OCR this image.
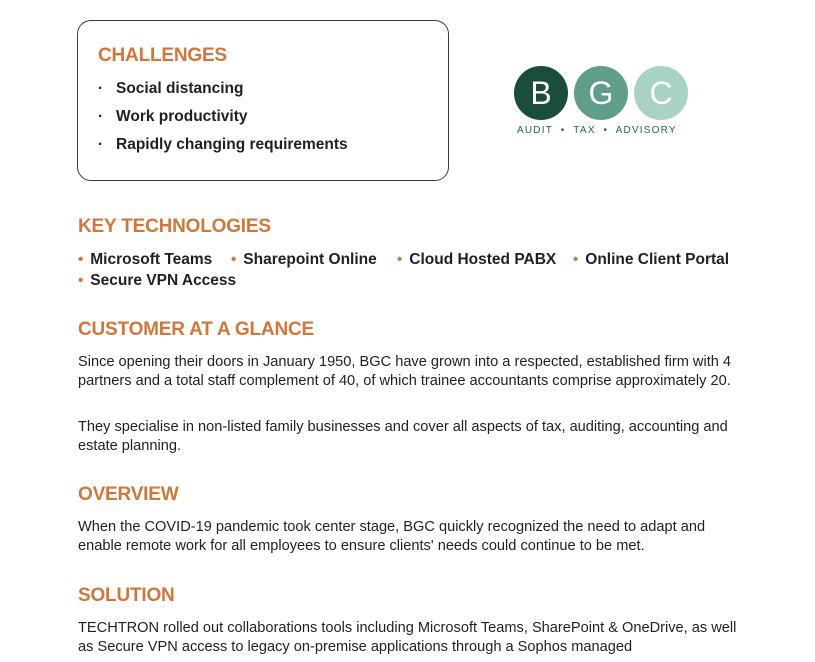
CHALLENGES
· Social distancing
· Work productivity
· Rapidly changing requirements
B	G	C
AUDIT  •  TAX  •  ADVISORY
KEY TECHNOLOGIES
• Microsoft Teams • Sharepoint Online • Cloud Hosted PABX • Online Client Portal
• Secure VPN Access
CUSTOMER AT A GLANCE

Since opening their doors in January 1950, BGC have grown into a respected, established firm with 4 partners and a total staff complement of 40, of which trainee accountants comprise approximately 20.

They specialise in non-listed family businesses and cover all aspects of tax, auditing, accounting and estate planning.

OVERVIEW

When the COVID-19 pandemic took center stage, BGC quickly recognized the need to adapt and enable remote work for all employees to ensure clients' needs could continue to be met.

SOLUTION

TECHTRON rolled out collaborations tools including Microsoft Teams, SharePoint & OneDrive, as well as Secure VPN access to legacy on-premise applications through a Sophos managed
